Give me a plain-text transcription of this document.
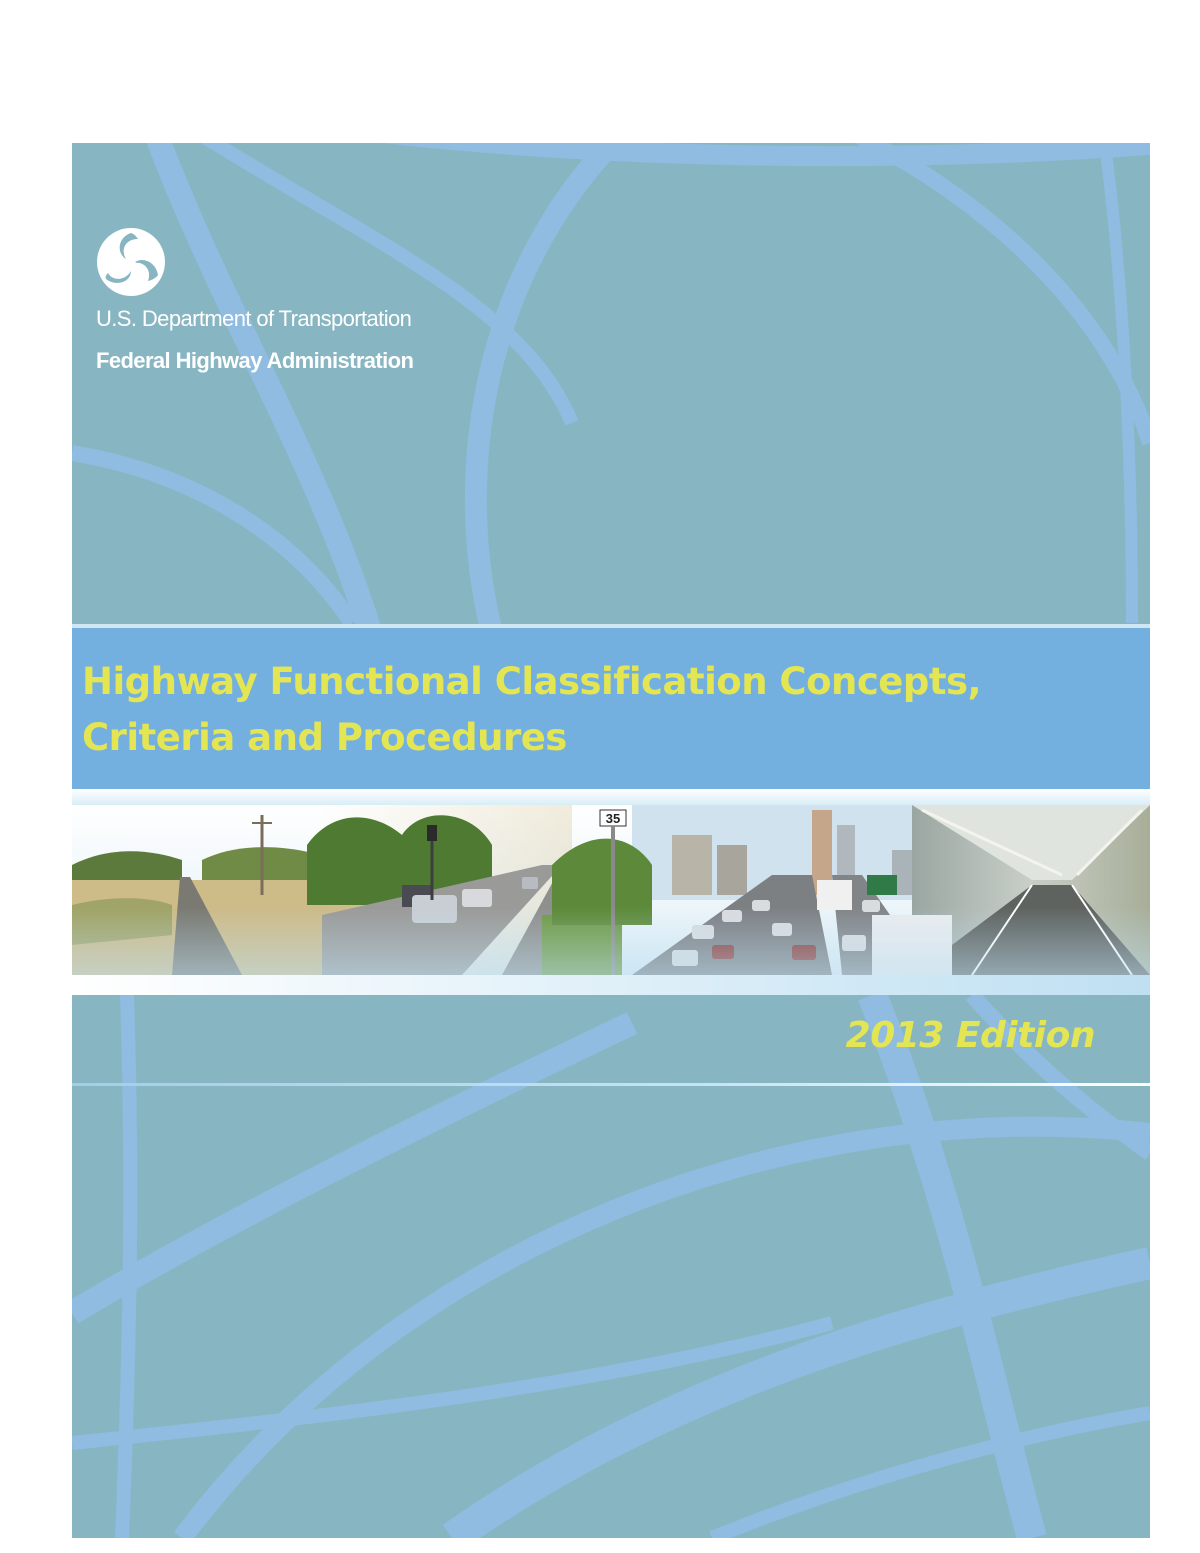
U.S. Department of Transportation

Federal Highway Administration

Highway Functional Classification Concepts,
Criteria and Procedures

2013 Edition
